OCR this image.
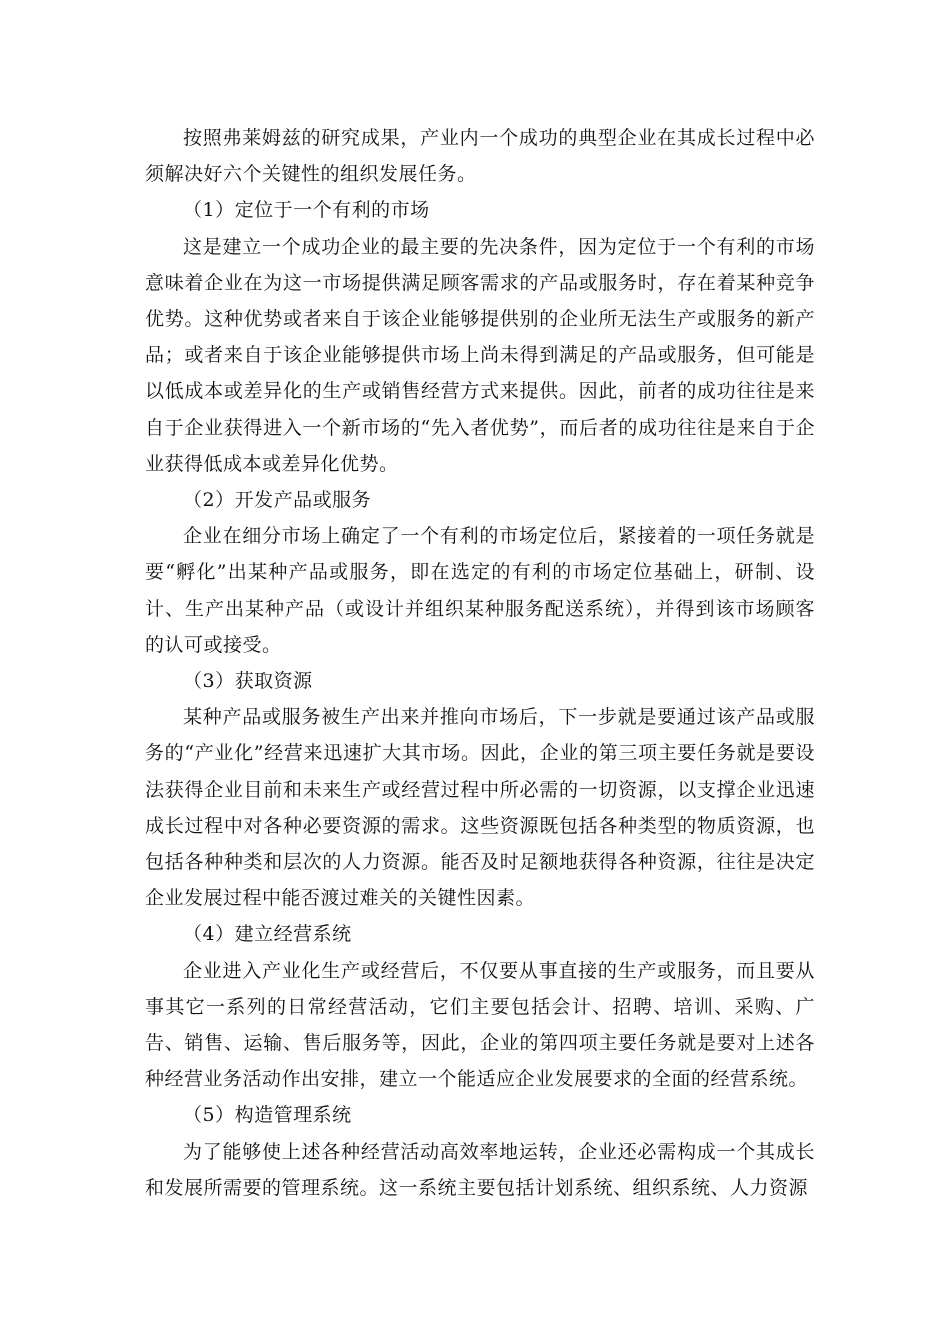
按照弗莱姆兹的研究成果，产业内一个成功的典型企业在其成长过程中必须解决好六个关键性的组织发展任务。

（1）定位于一个有利的市场

这是建立一个成功企业的最主要的先决条件，因为定位于一个有利的市场意味着企业在为这一市场提供满足顾客需求的产品或服务时，存在着某种竞争优势。这种优势或者来自于该企业能够提供别的企业所无法生产或服务的新产品；或者来自于该企业能够提供市场上尚未得到满足的产品或服务，但可能是以低成本或差异化的生产或销售经营方式来提供。因此，前者的成功往往是来自于企业获得进入一个新市场的“先入者优势”，而后者的成功往往是来自于企业获得低成本或差异化优势。

（2）开发产品或服务

企业在细分市场上确定了一个有利的市场定位后，紧接着的一项任务就是要“孵化”出某种产品或服务，即在选定的有利的市场定位基础上，研制、设计、生产出某种产品（或设计并组织某种服务配送系统），并得到该市场顾客的认可或接受。

（3）获取资源

某种产品或服务被生产出来并推向市场后，下一步就是要通过该产品或服务的“产业化”经营来迅速扩大其市场。因此，企业的第三项主要任务就是要设法获得企业目前和未来生产或经营过程中所必需的一切资源，以支撑企业迅速成长过程中对各种必要资源的需求。这些资源既包括各种类型的物质资源，也包括各种种类和层次的人力资源。能否及时足额地获得各种资源，往往是决定企业发展过程中能否渡过难关的关键性因素。

（4）建立经营系统

企业进入产业化生产或经营后，不仅要从事直接的生产或服务，而且要从事其它一系列的日常经营活动，它们主要包括会计、招聘、培训、采购、广告、销售、运输、售后服务等，因此，企业的第四项主要任务就是要对上述各种经营业务活动作出安排，建立一个能适应企业发展要求的全面的经营系统。

（5）构造管理系统

为了能够使上述各种经营活动高效率地运转，企业还必需构成一个其成长和发展所需要的管理系统。这一系统主要包括计划系统、组织系统、人力资源
